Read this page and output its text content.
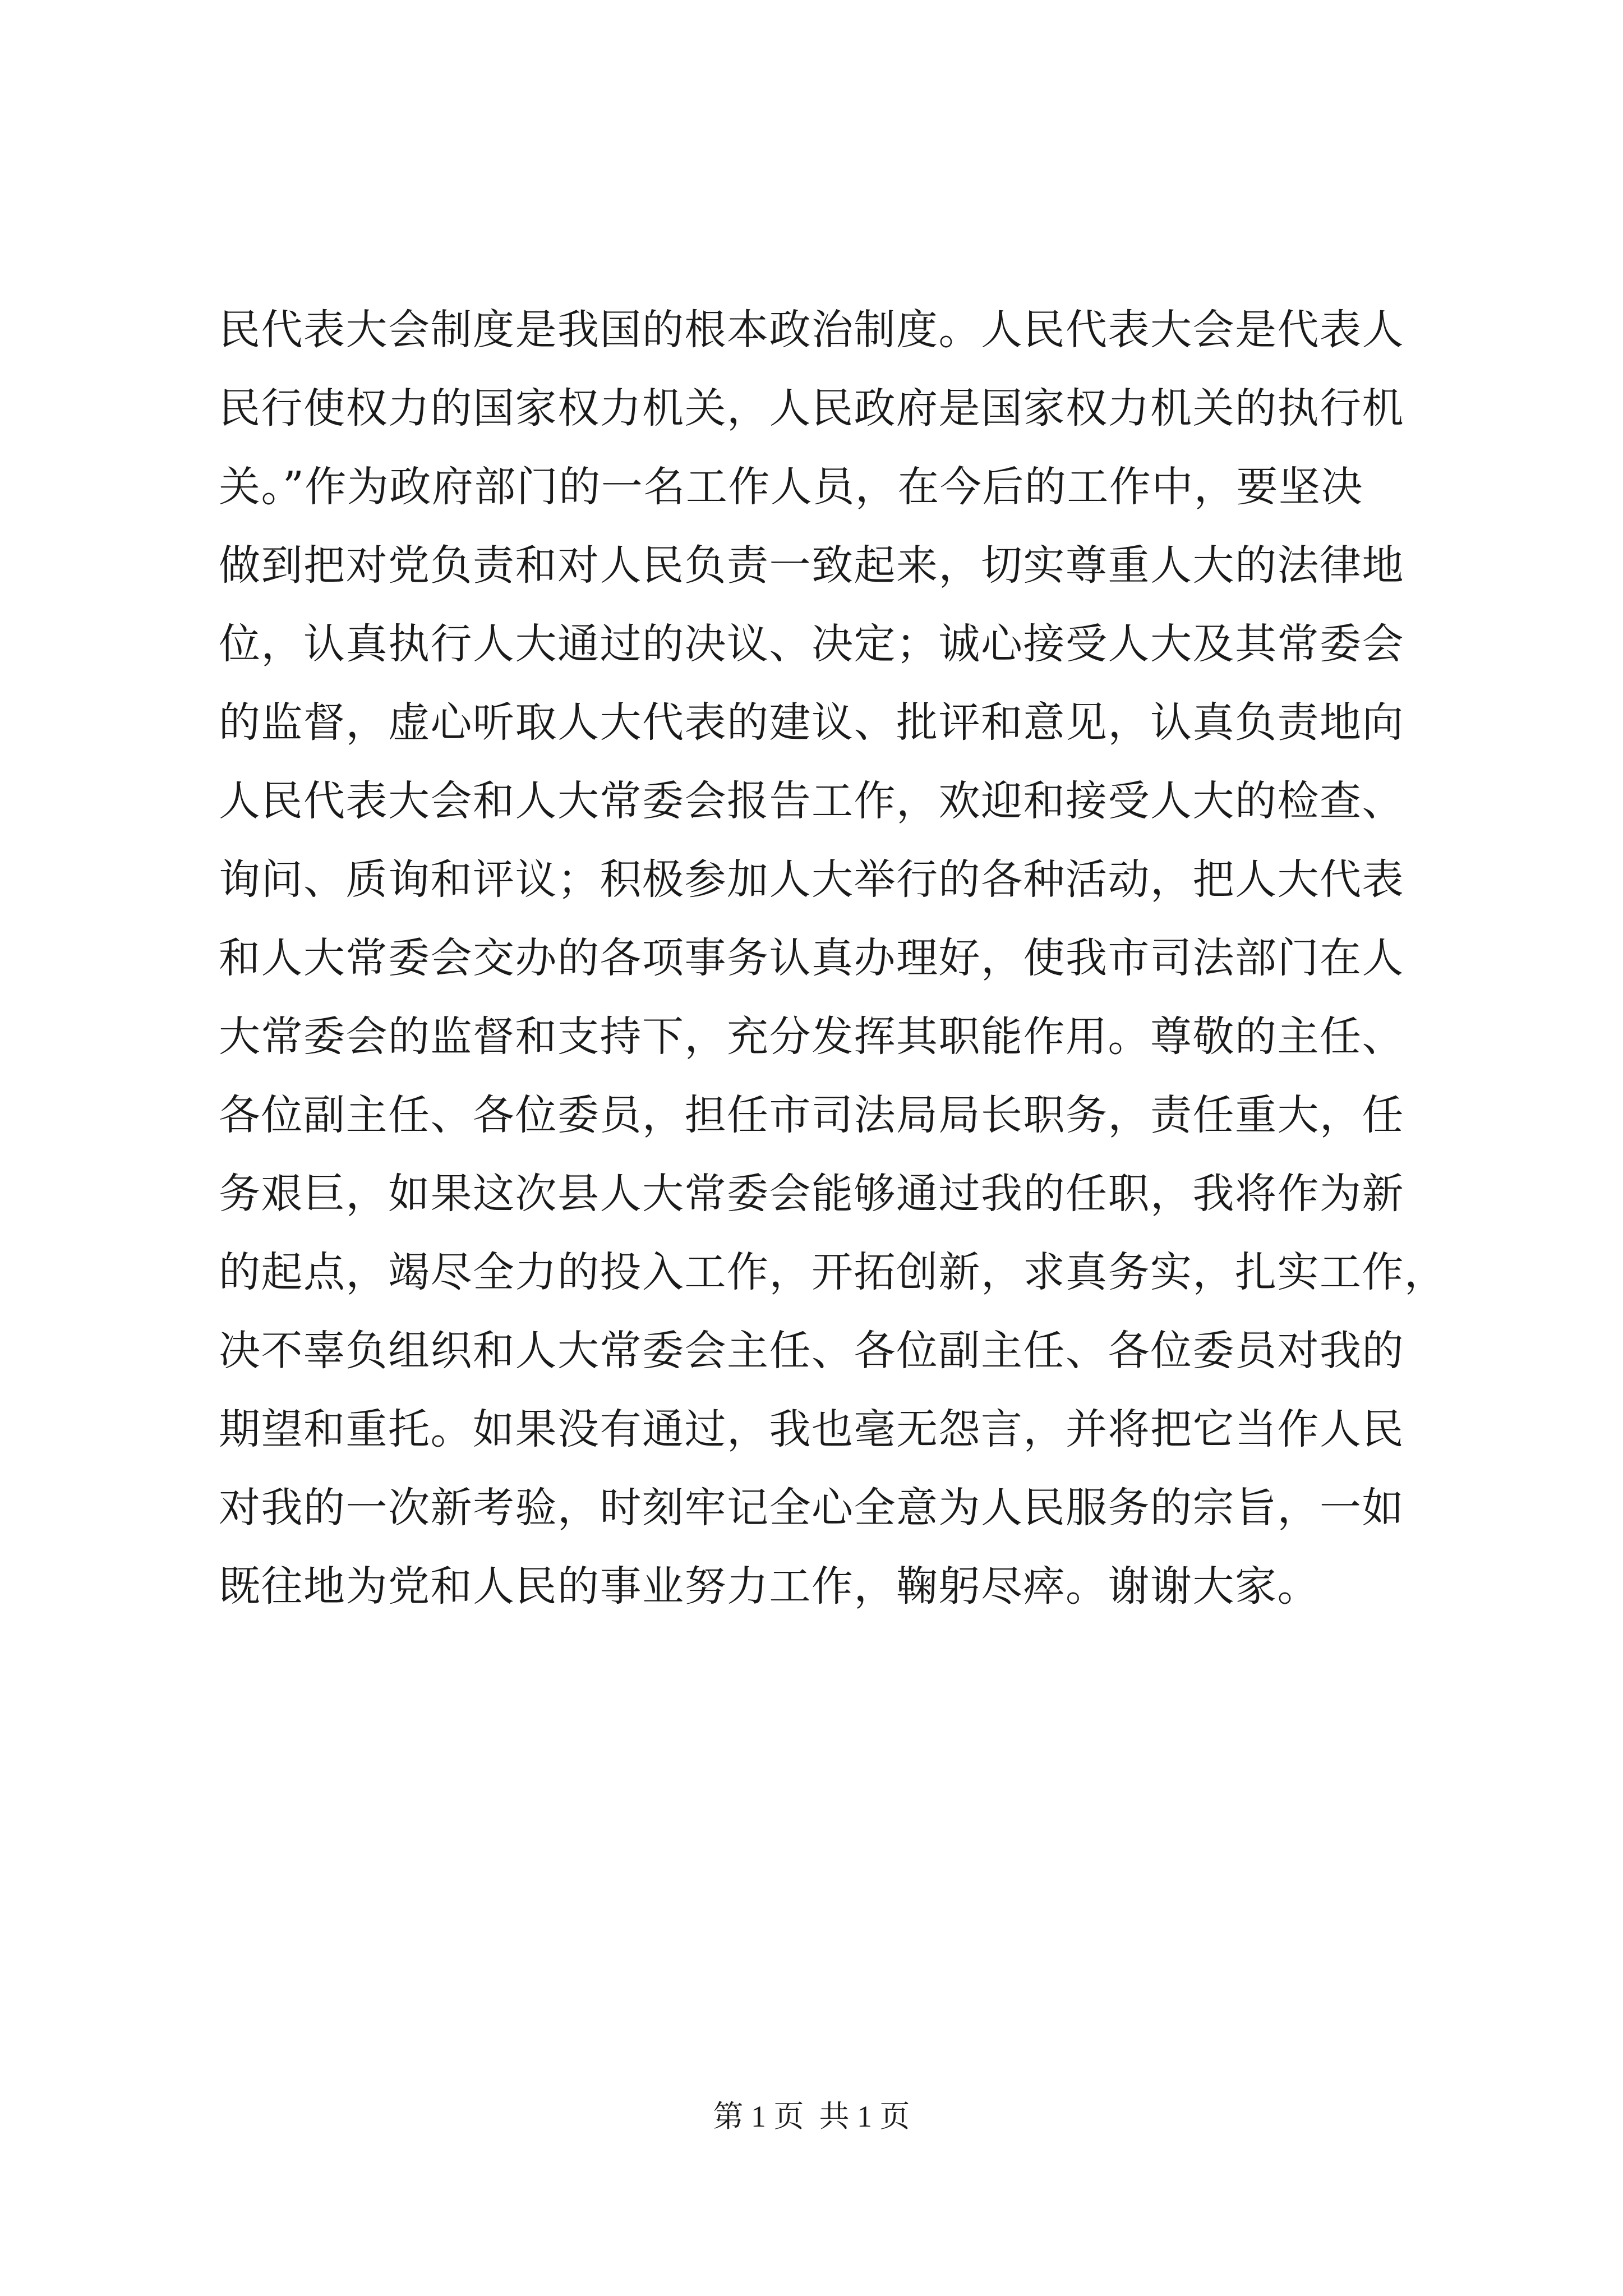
民代表大会制度是我国的根本政治制度。人民代表大会是代表人
民行使权力的国家权力机关，人民政府是国家权力机关的执行机
关。”作为政府部门的一名工作人员，在今后的工作中，要坚决
做到把对党负责和对人民负责一致起来，切实尊重人大的法律地
位，认真执行人大通过的决议、决定；诚心接受人大及其常委会
的监督，虚心听取人大代表的建议、批评和意见，认真负责地向
人民代表大会和人大常委会报告工作，欢迎和接受人大的检查、
询问、质询和评议；积极参加人大举行的各种活动，把人大代表
和人大常委会交办的各项事务认真办理好，使我市司法部门在人
大常委会的监督和支持下，充分发挥其职能作用。尊敬的主任、
各位副主任、各位委员，担任市司法局局长职务，责任重大，任
务艰巨，如果这次县人大常委会能够通过我的任职，我将作为新
的起点，竭尽全力的投入工作，开拓创新，求真务实，扎实工作，
决不辜负组织和人大常委会主任、各位副主任、各位委员对我的
期望和重托。如果没有通过，我也毫无怨言，并将把它当作人民
对我的一次新考验，时刻牢记全心全意为人民服务的宗旨，一如
既往地为党和人民的事业努力工作，鞠躬尽瘁。谢谢大家。
第 1 页  共 1 页
